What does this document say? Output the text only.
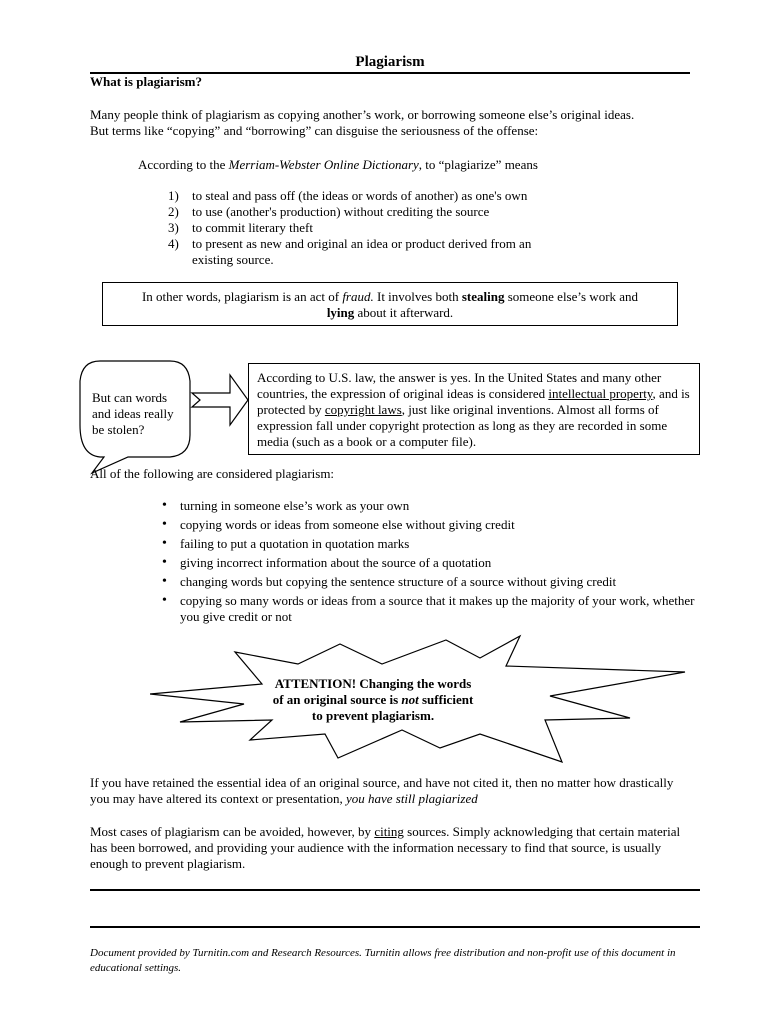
Plagiarism
What is plagiarism?
Many people think of plagiarism as copying another’s work, or borrowing someone else’s original ideas.
But terms like “copying” and “borrowing” can disguise the seriousness of the offense:
According to the Merriam-Webster Online Dictionary, to “plagiarize” means
1) to steal and pass off (the ideas or words of another) as one's own
2) to use (another's production) without crediting the source
3) to commit literary theft
4) to present as new and original an idea or product derived from an existing source.
In other words, plagiarism is an act of fraud. It involves both stealing someone else’s work and
lying about it afterward.
But can words and ideas really be stolen?
According to U.S. law, the answer is yes. In the United States and many other countries, the expression of original ideas is considered intellectual property, and is protected by copyright laws, just like original inventions. Almost all forms of expression fall under copyright protection as long as they are recorded in some media (such as a book or a computer file).
All of the following are considered plagiarism:
• turning in someone else’s work as your own
• copying words or ideas from someone else without giving credit
• failing to put a quotation in quotation marks
• giving incorrect information about the source of a quotation
• changing words but copying the sentence structure of a source without giving credit
• copying so many words or ideas from a source that it makes up the majority of your work, whether you give credit or not
ATTENTION! Changing the words
of an original source is not sufficient
to prevent plagiarism.
If you have retained the essential idea of an original source, and have not cited it, then no matter how drastically you may have altered its context or presentation, you have still plagiarized
Most cases of plagiarism can be avoided, however, by citing sources. Simply acknowledging that certain material has been borrowed, and providing your audience with the information necessary to find that source, is usually enough to prevent plagiarism.
Document provided by Turnitin.com and Research Resources. Turnitin allows free distribution and non-profit use of this document in educational settings.
